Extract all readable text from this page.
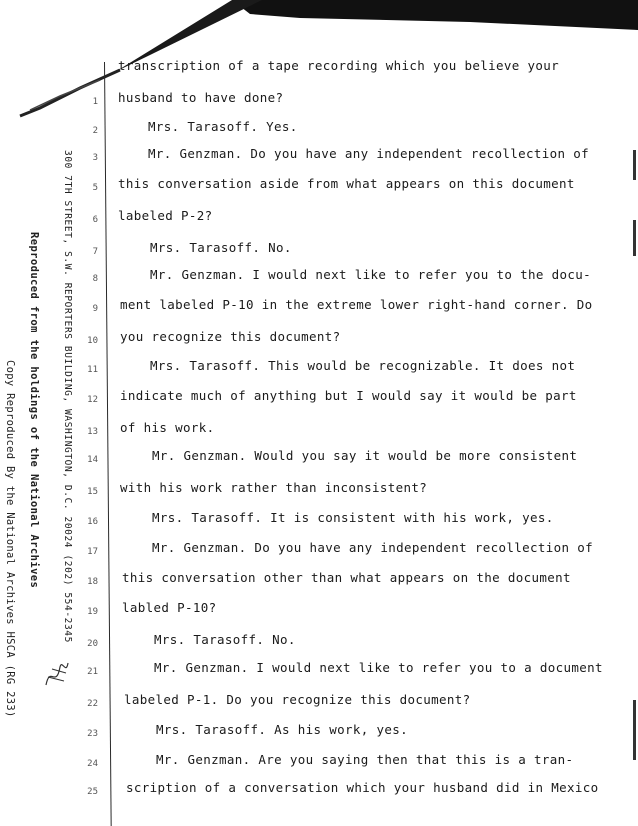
300 7TH STREET, S.W. REPORTERS BUILDING, WASHINGTON, D.C. 20024 (202) 554-2345
Reproduced from the holdings of the National Archives
Copy Reproduced By the National Archives HSCA (RG 233)
transcription of a tape recording which you believe your
1 husband to have done?
2	Mrs. Tarasoff. Yes.
3	Mr. Genzman. Do you have any independent recollection of
5 this conversation aside from what appears on this document
6 labeled P-2?
7	Mrs. Tarasoff. No.
8	Mr. Genzman. I would next like to refer you to the docu-
9 ment labeled P-10 in the extreme lower right-hand corner. Do
10 you recognize this document?
11	Mrs. Tarasoff. This would be recognizable. It does not
12 indicate much of anything but I would say it would be part
13 of his work.
14	Mr. Genzman. Would you say it would be more consistent
15 with his work rather than inconsistent?
16	Mrs. Tarasoff. It is consistent with his work, yes.
17	Mr. Genzman. Do you have any independent recollection of
18 this conversation other than what appears on the document
19 labled P-10?
20	Mrs. Tarasoff. No.
21	Mr. Genzman. I would next like to refer you to a document
22 labeled P-1. Do you recognize this document?
23	Mrs. Tarasoff. As his work, yes.
24	Mr. Genzman. Are you saying then that this is a tran-
25 scription of a conversation which your husband did in Mexico
